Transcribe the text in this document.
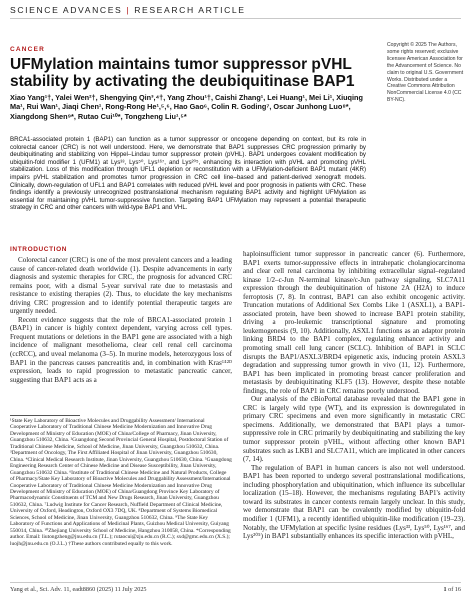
SCIENCE ADVANCES | RESEARCH ARTICLE
CANCER
UFMylation maintains tumor suppressor pVHL stability by activating the deubiquitinase BAP1
Xiao Yang¹†, Yalei Wen²†, Shengying Qin³,⁴†, Yang Zhou¹†, Caishi Zhang¹, Lei Huang¹, Mei Li¹, Xiuqing Ma¹, Rui Wan¹, Jiaqi Chen¹, Rong-Rong He¹,⁵,⁶, Hao Gao⁶, Colin R. Goding⁷, Oscar Junhong Luo⁸*, Xiangdong Shen⁹*, Rutao Cui¹⁰*, Tongzheng Liu¹,⁵*
Copyright © 2025 The Authors, some rights reserved; exclusive licensee American Association for the Advancement of Science. No claim to original U.S. Government Works. Distributed under a Creative Commons Attribution NonCommercial License 4.0 (CC BY-NC).
BRCA1-associated protein 1 (BAP1) can function as a tumor suppressor or oncogene depending on context, but its role in colorectal cancer (CRC) is not well understood. Here, we demonstrate that BAP1 suppresses CRC progression primarily by deubiquitinating and stabilizing von Hippel–Lindau tumor suppressor protein (pVHL). BAP1 undergoes covalent modification by ubiquitin-fold modifier 1 (UFM1) at Lys³³, Lys⁵⁰, Lys¹⁶⁷, and Lys²⁰⁵, enhancing its interaction with pVHL and promoting pVHL stabilization. Loss of this modification through UFL1 depletion or reconstitution with a UFMylation-deficient BAP1 mutant (4KR) impairs pVHL stabilization and promotes tumor progression in CRC cell line–based and patient-derived xenograft models. Clinically, down-regulation of UFL1 and BAP1 correlates with reduced pVHL level and poor prognosis in patients with CRC. These findings identify a previously unrecognized posttranslational mechanism regulating BAP1 activity and highlight UFMylation as essential for maintaining pVHL tumor-suppressive function. Targeting BAP1 UFMylation may represent a potential therapeutic strategy in CRC and other cancers with wild-type BAP1 and VHL.
INTRODUCTION

Colorectal cancer (CRC) is one of the most prevalent cancers and a leading cause of cancer-related death worldwide (1). Despite advancements in early diagnosis and systemic therapies for CRC, the prognosis for advanced CRC remains poor, with a dismal 5-year survival rate due to metastasis and resistance to existing therapies (2). Thus, to elucidate the key mechanisms driving CRC progression and to identify potential therapeutic targets are urgently needed.

Recent evidence suggests that the role of BRCA1-associated protein 1 (BAP1) in cancer is highly context dependent, varying across cell types. Frequent mutations or deletions in the BAP1 gene are associated with a high incidence of malignant mesothelioma, clear cell renal cell carcinoma (ccRCC), and uveal melanoma (3–5). In murine models, heterozygous loss of BAP1 in the pancreas causes pancreatitis and, in combination with Krasᴳ¹²ᴰ expression, leads to rapid progression to metastatic pancreatic cancer, suggesting that BAP1 acts as a

¹State Key Laboratory of Bioactive Molecules and Druggability Assessment/ International Cooperative Laboratory of Traditional Chinese Medicine Modernization and Innovative Drug Development of Ministry of Education (MOE) of China/College of Pharmacy, Jinan University, Guangzhou 510632, China. ²Guangdong Second Provincial General Hospital, Postdoctoral Station of Traditional Chinese Medicine, School of Medicine, Jinan University, Guangzhou 510632, China. ³Department of Oncology, The First Affiliated Hospital of Jinan University, Guangzhou 510630, China. ⁴Clinical Medical Research Institute, Jinan University, Guangzhou 510630, China. ⁵Guangdong Engineering Research Center of Chinese Medicine and Disease Susceptibility, Jinan University, Guangzhou 510632 China. ⁶Institute of Traditional Chinese Medicine and Natural Products, College of Pharmacy/State Key Laboratory of Bioactive Molecules and Druggability Assessment/International Cooperative Laboratory of Traditional Chinese Medicine Modernization and Innovative Drug Development of Ministry of Education (MOE) of China/Guangdong Province Key Laboratory of Pharmacodynamic Constituents of TCM and New Drugs Research, Jinan University, Guangzhou 510632, China. ⁷Ludwig Institute for Cancer Research, Nuffield Department of Clinical Medicine, University of Oxford, Headington, Oxford OX3 7DQ, UK. ⁸Department of Systems Biomedical Sciences, School of Medicine, Jinan University, Guangzhou 510632, China. ⁹The State Key Laboratory of Functions and Applications of Medicinal Plants, Guizhou Medical University, Guiyang 550014, China. ¹⁰Zhejiang University School of Medicine, Hangzhou 310058, China. *Corresponding author. Email: liutongzheng@jnu.edu.cn (T.L.); rutaocui@zju.edu.cn (R.C.); sxd@gmc.edu.cn (X.S.); luojh@jnu.edu.cn (O.J.L.) †These authors contributed equally to this work.

haploinsufficient tumor suppressor in pancreatic cancer (6). Furthermore, BAP1 exerts tumor-suppressive effects in intrahepatic cholangiocarcinoma and clear cell renal carcinoma by inhibiting extracellular signal–regulated kinase 1/2–c-Jun N-terminal kinase/c-Jun pathway signaling, SLC7A11 expression through the deubiquitination of histone 2A (H2A) to induce ferroptosis (7, 8). In contrast, BAP1 can also exhibit oncogenic activity. Truncation mutations of Additional Sex Combs Like 1 (ASXL1), a BAP1-associated protein, have been showed to increase BAP1 protein stability, driving a pro-leukemic transcriptional signature and promoting leukemogenesis (9, 10). Additionally, ASXL1 functions as an adaptor protein linking BRD4 to the BAP1 complex, regulating enhancer activity and promoting small cell lung cancer (SCLC). Inhibition of BAP1 in SCLC disrupts the BAP1/ASXL3/BRD4 epigenetic axis, inducing protein ASXL3 degradation and suppressing tumor growth in vivo (11, 12). Furthermore, BAP1 has been implicated in promoting breast cancer proliferation and metastasis by deubiquitinating KLF5 (13). However, despite these notable findings, the role of BAP1 in CRC remains poorly understood.

Our analysis of the cBioPortal database revealed that the BAP1 gene in CRC is largely wild type (WT), and its expression is downregulated in primary CRC specimens and even more significantly in metastatic CRC specimens. Additionally, we demonstrated that BAP1 plays a tumor-suppressive role in CRC primarily by deubiquitinating and stabilizing the key tumor suppressor protein pVHL, without affecting other known BAP1 substrates such as LKB1 and SLC7A11, which are implicated in other cancers (7, 14).

The regulation of BAP1 in human cancers is also not well understood. BAP1 has been reported to undergo several posttranslational modifications, including phosphorylation and ubiquitination, which influence its subcellular localization (15–18). However, the mechanisms regulating BAP1's activity toward its substrates in cancer contexts remain largely unclear. In this study, we demonstrate that BAP1 can be covalently modified by ubiquitin-fold modifier 1 (UFM1), a recently identified ubiquitin-like modification (19–23). Notably, the UFMylation at specific lysine residues (Lys³³, Lys⁵⁰, Lys¹⁶⁷, and Lys²⁰⁵) in BAP1 substantially enhances its specific interaction with pVHL,

Yang et al., Sci. Adv. 11, eadt8860 (2025) 11 July 2025	1 of 16
